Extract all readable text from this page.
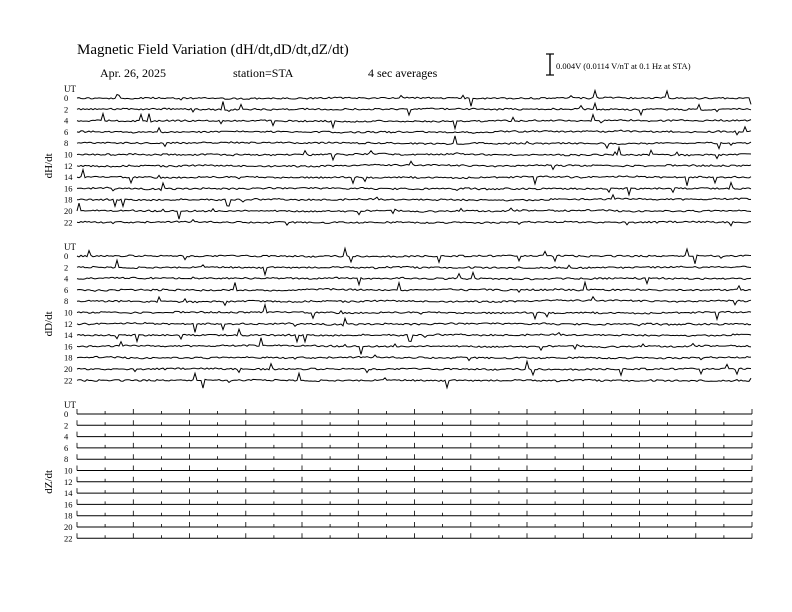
Magnetic Field Variation (dH/dt,dD/dt,dZ/dt)
Apr. 26, 2025	station=STA	4 sec averages	0.004V (0.0114 V/nT at 0.1 Hz at STA)
UT
dH/dt
0
2
4
6
8
10
12
14
16
18
20
22
UT
dD/dt
0
2
4
6
8
10
12
14
16
18
20
22
UT
dZ/dt
0
2
4
6
8
10
12
14
16
18
20
22
